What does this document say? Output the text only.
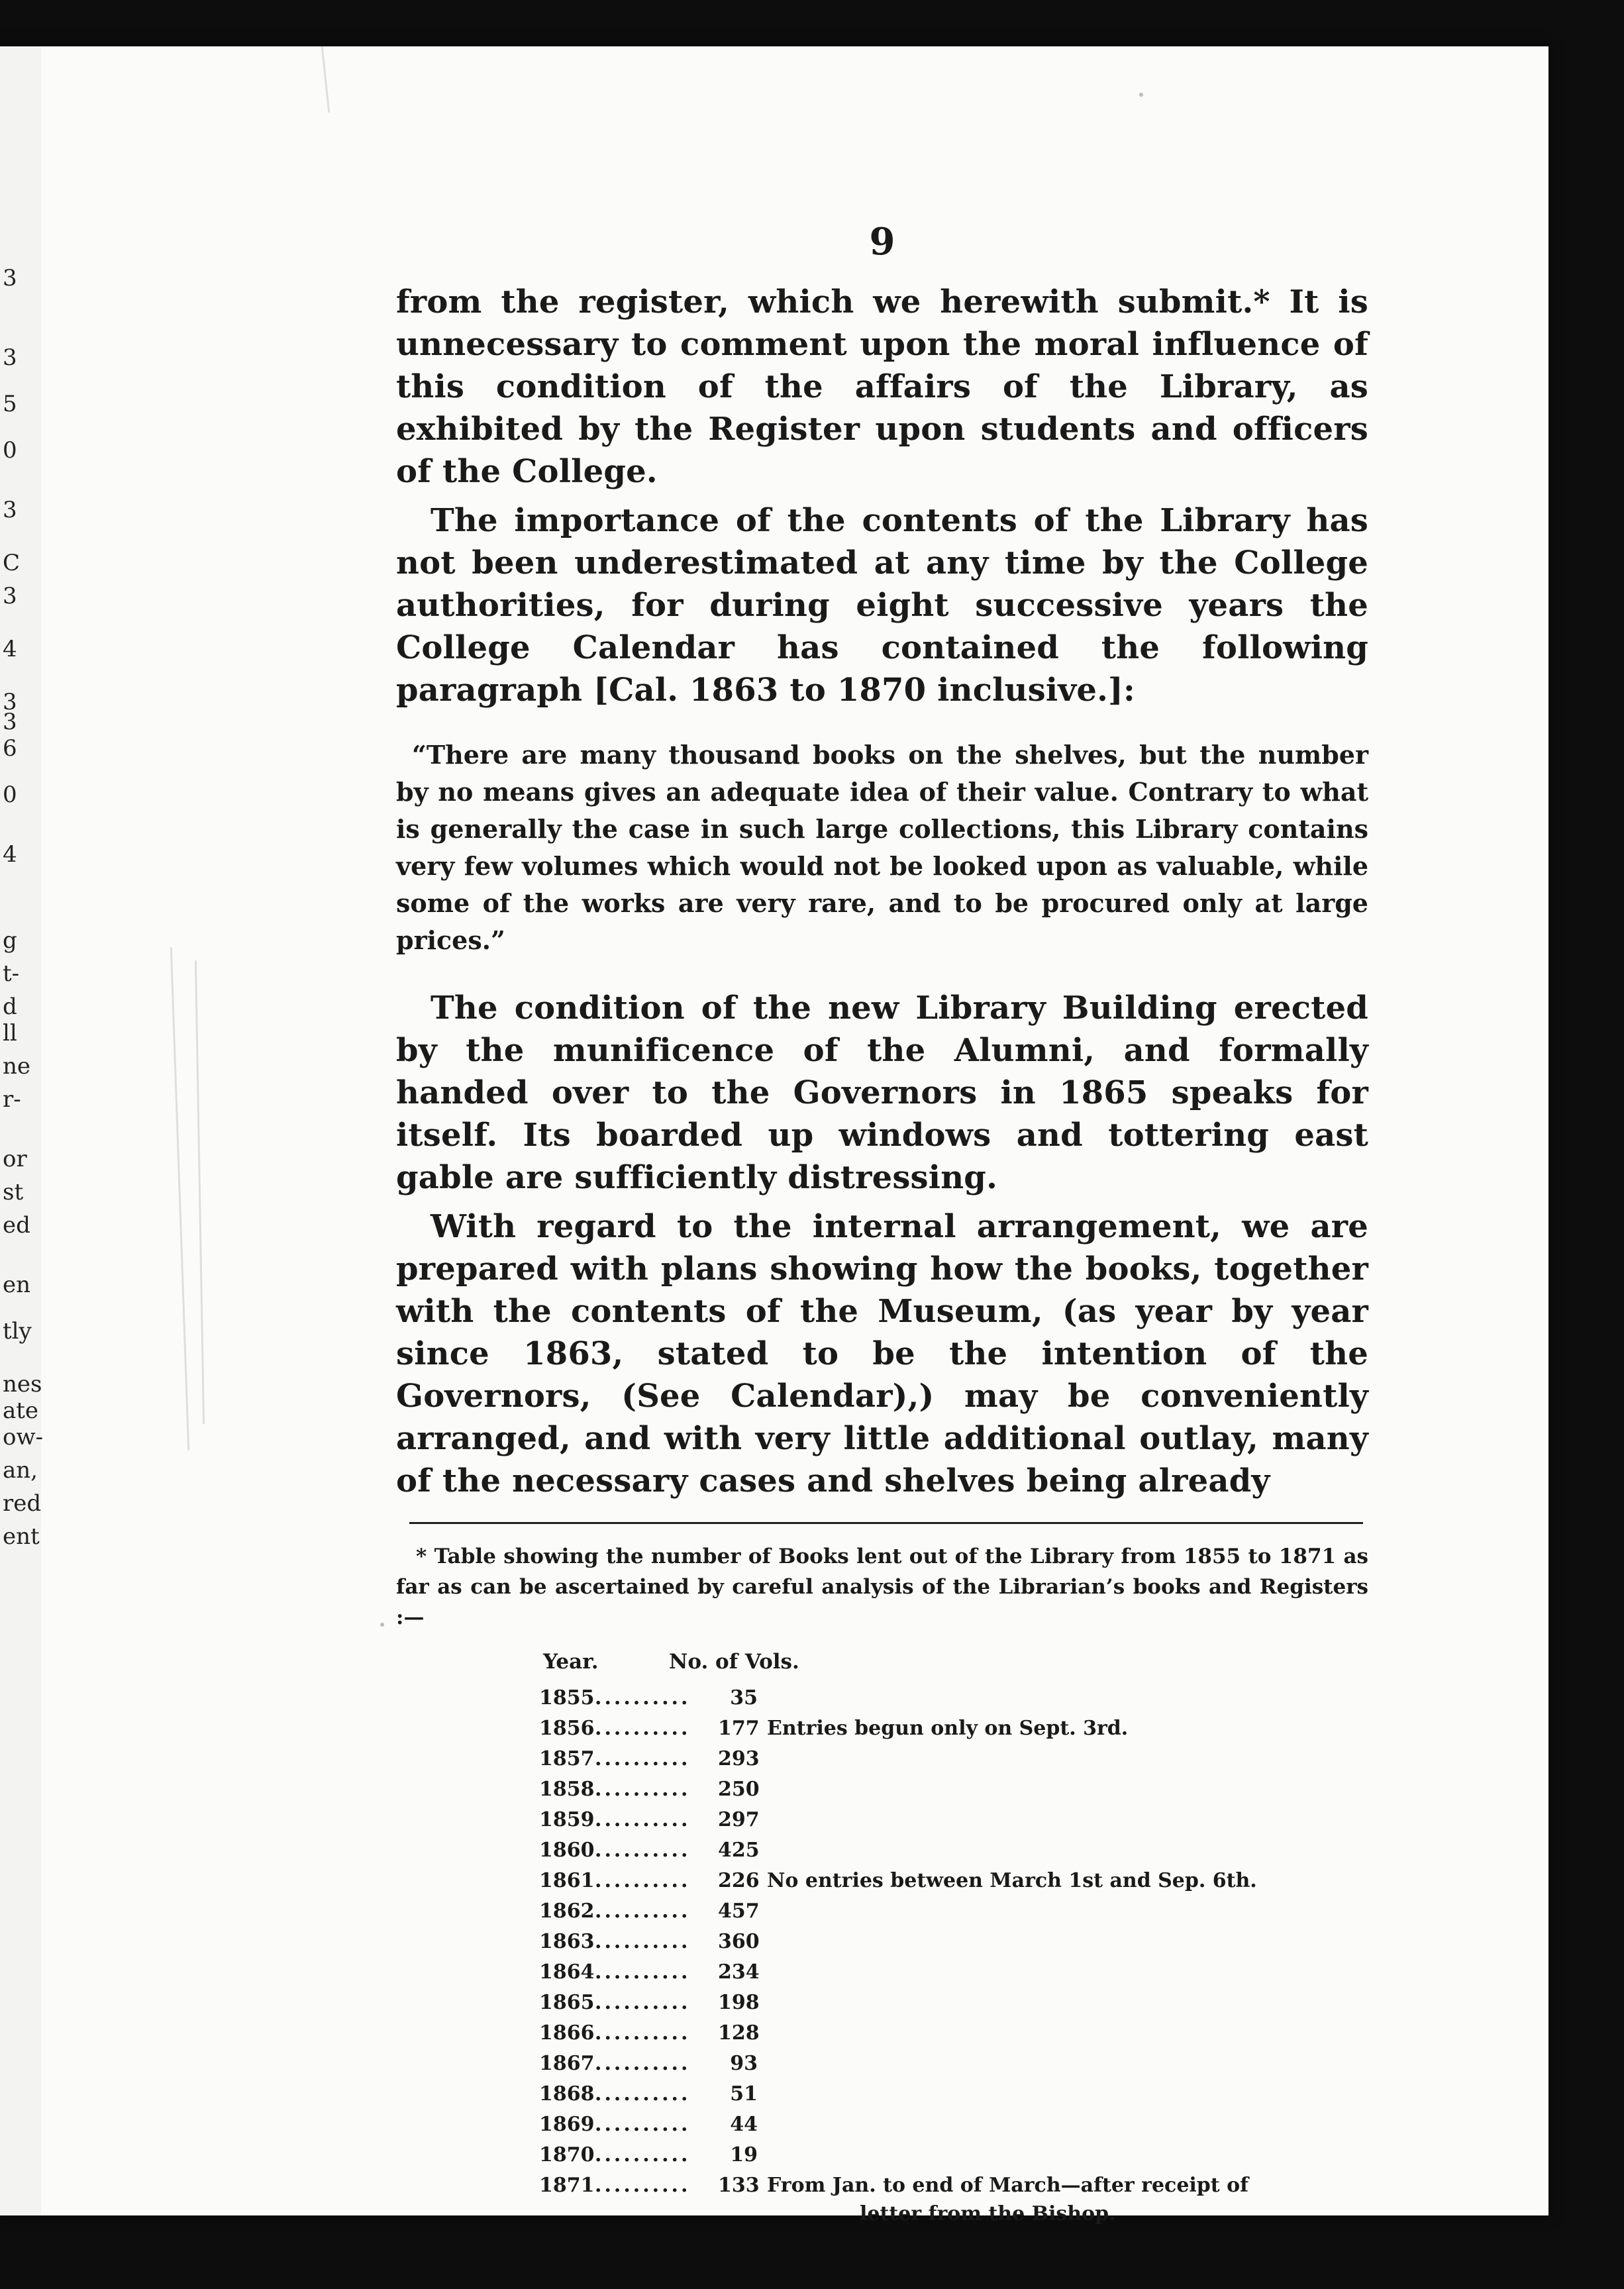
3
3
5
0
3
C
3
4
3
3
6
0
4
g
t-
d
ll
ne
r-
or
st
ed
en
tly
nes
ate
ow-
an,
red
ent
9

from the register, which we herewith submit.* It is unnecessary to comment upon the moral influence of this condition of the affairs of the Library, as exhibited by the Register upon students and officers of the College.

The importance of the contents of the Library has not been underestimated at any time by the College authorities, for during eight successive years the College Calendar has contained the following paragraph [Cal. 1863 to 1870 inclusive.]:

“There are many thousand books on the shelves, but the number by no means gives an adequate idea of their value. Contrary to what is generally the case in such large collections, this Library contains very few volumes which would not be looked upon as valuable, while some of the works are very rare, and to be procured only at large prices.”

The condition of the new Library Building erected by the munificence of the Alumni, and formally handed over to the Governors in 1865 speaks for itself. Its boarded up windows and tottering east gable are sufficiently distressing.

With regard to the internal arrangement, we are prepared with plans showing how the books, together with the contents of the Museum, (as year by year since 1863, stated to be the intention of the Governors, (See Calendar),) may be conveniently arranged, and with very little additional outlay, many of the necessary cases and shelves being already

* Table showing the number of Books lent out of the Library from 1855 to 1871 as far as can be ascertained by careful analysis of the Librarian’s books and Registers :—

Year.	No. of Vols.
1855 ..........	35
1856 ..........	177 Entries begun only on Sept. 3rd.
1857 ..........	293
1858 ..........	250
1859 ..........	297
1860 ..........	425
1861 ..........	226 No entries between March 1st and Sep. 6th.
1862 ..........	457
1863 ..........	360
1864 ..........	234
1865 ..........	198
1866 ..........	128
1867 ..........	93
1868 ..........	51
1869 ..........	44
1870 ..........	19
1871 ..........	133 From Jan. to end of March—after receipt of
letter from the Bishop.
